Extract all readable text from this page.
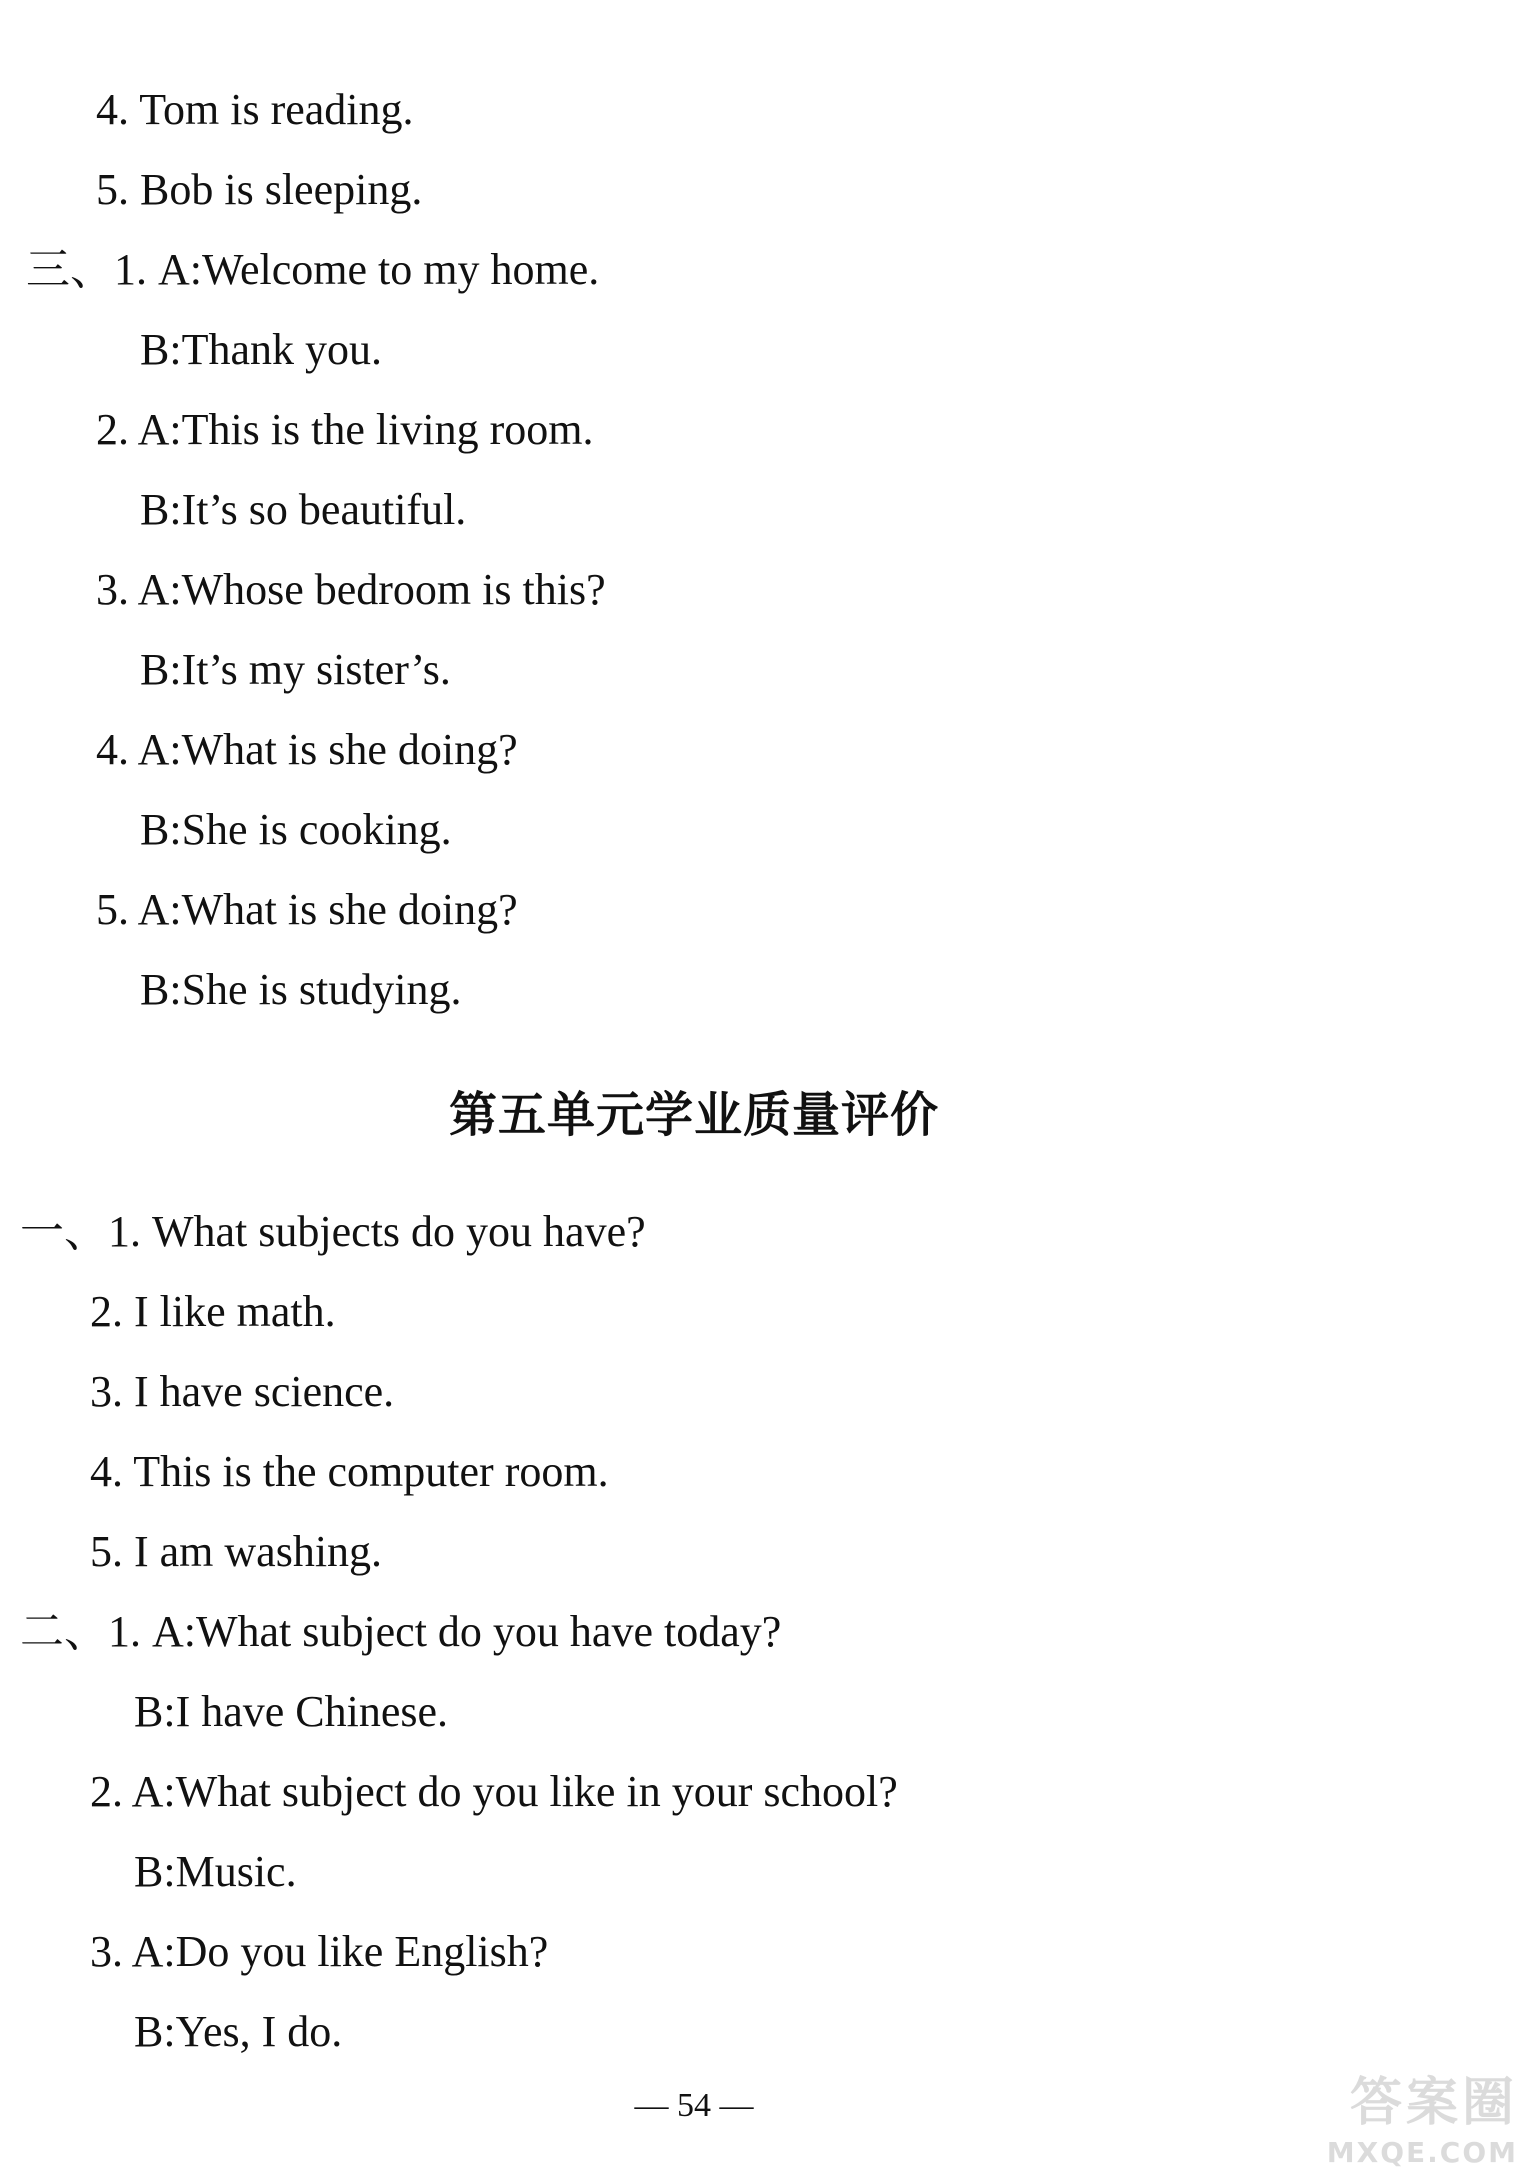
4. Tom is reading.
5. Bob is sleeping.
三、1. A:Welcome to my home.
B:Thank you.
2. A:This is the living room.
B:It’s so beautiful.
3. A:Whose bedroom is this?
B:It’s my sister’s.
4. A:What is she doing?
B:She is cooking.
5. A:What is she doing?
B:She is studying.
第五单元学业质量评价
一、1. What subjects do you have?
2. I like math.
3. I have science.
4. This is the computer room.
5. I am washing.
二、1. A:What subject do you have today?
B:I have Chinese.
2. A:What subject do you like in your school?
B:Music.
3. A:Do you like English?
B:Yes, I do.
— 54 —	答案圈
MXQE.COM
